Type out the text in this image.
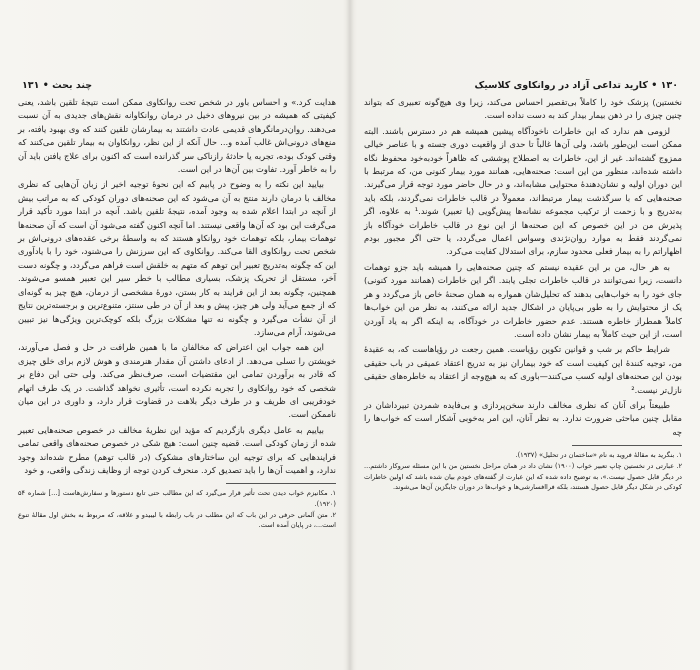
چند بحث • ۱۳۱	۱۳۰ • کارید تداعی آزاد در روانکاوی کلاسیک

هدایت کرد.» و احساس باور در شخص تحت روانکاوی ممکن است نتیجهٔ تلقین باشد، یعنی کیفیتی که همیشه در بین نیروهای دخیل در درمان روانکاوانه نقش‌های جدیدی به آن نسبت می‌دهند. روان‌درمانگرهای قدیمی عادت داشتند به بیمارشان تلقین کنند که وی بهبود یافته، بر منع‌های درونی‌اش غالب آمده و... حال آنکه از این نظر، روانکاوان به بیمار تلقین می‌کنند که وقتی کودک بوده، تجربه یا حادثهٔ رازناکی سر گذرانده است که اکنون برای علاج یافتن باید آن را به خاطر آورد. تفاوت بین آن‌ها در این است.

بیایید این نکته را به وضوح در پابیم که این نحوهٔ توجیه اخیر از زبان آن‌هایی که نظری مخالف با درمان دارند منتج به آن می‌شود که این صحنه‌های دوران کودکی که به مراتب بیش از آنچه در ابتدا اعلام شده به وجود آمده، نتیجهٔ تلقین باشد. آنچه در ابتدا مورد تأکید قرار می‌گرفت این بود که آن‌ها واقعی نیستند. اما آنچه اکنون گفته می‌شود آن است که آن صحنه‌ها توهمات بیمار، بلکه توهمات خود روانکاو هستند که به واسطهٔ برخی عقده‌های درونی‌اش بر شخص تحت روانکاوی القا می‌کند. روانکاوی که این سرزنش را می‌شنود، خود را با یادآوری این که چگونه به‌تدریج تعبیر این توهم که متهم به خلقش است فراهم می‌گردد، و چگونه دست آخر، مستقل از تحریک پزشک، بسیاری مطالب با خطر سیر این تعبیر همسو می‌شوند. همچنین، چگونه بعد از این فرایند به کار بستن، دورهٔ مشخصی از درمان، هیچ چیز به گونه‌ای که از جمع می‌آید ولی هر چیز، پیش و بعد از آن در طی سنتز، متنوع‌ترین و برجسته‌ترین نتایج از آن نشأت می‌گیرد و چگونه نه تنها مشکلات بزرگ بلکه کوچک‌ترین ویژگی‌ها نیز تبیین می‌شوند، آرام می‌سازد.

این همه جواب این اعتراض که مخالفان ما با همین ظرافت در حل و فصل می‌آورند، خویشتن را تسلی می‌دهد. از ادعای داشتن آن مقدار هنرمندی و هوش لازم برای خلق چیزی که قادر به برآوردن تمامی این مقتضیات است، صرف‌نظر می‌کند. ولی حتی این دفاع بر شخصی که خود روانکاوی را تجربه نکرده است، تأثیری نخواهد گذاشت. در یک طرف اتهام خودفریبی ای ظریف و در طرف دیگر بلاهت در قضاوت قرار دارد، و داوری در این میان ناممکن است.

بیاییم به عامل دیگری بازگردیم که مؤید این نظریهٔ مخالف در خصوص صحنه‌هایی تعبیر شده از زمان کودکی است. قضیه چنین است: هیچ شکی در خصوص صحنه‌های واقعی تمامی فرایندهایی که برای توجیه این ساختارهای مشکوک (در قالب توهم) مطرح شده‌اند وجود ندارد، و اهمیت آن‌ها را باید تصدیق کرد. منحرف کردن توجه از وظایف زندگی واقعی، و خود

۱. مکانیزم خواب دیدن تحت تأثیر قرار می‌گیرد که این مطالب حتی تابع دستورها و سفارش‌هاست [...] شماره ۵۴ (۱۹۲۰).

۲. متن آلمانی حرفی در این باب که این مطلب در باب رابطه با لیبیدو و علاقه، که مربوط به بخش اول مقالهٔ تنوع است...، در پایان آمده است.

نخستین) پزشک خود را کاملاً بی‌تقصیر احساس می‌کند، زیرا وی هیچ‌گونه تعبیری که بتواند چنین چیزی را در ذهن بیمار بیدار کند به دست نداده است.

لزومی هم ندارد که این خاطرات ناخودآگاه پیشین همیشه هم در دسترس باشند. البته ممکن است این‌طور باشد، ولی آن‌ها غالباً تا حدی از واقعیت دوری جسته و با عناصر خیالی ممزوج گشته‌اند. غیر از این، خاطرات به اصطلاح پوششی که ظاهراً خودبه‌خود محفوظ نگاه داشته شده‌اند، منظور من این است: صحنه‌هایی، همانند مورد بیمار کنونی من، که مرتبط با این دوران اولیه و نشان‌دهندهٔ محتوایی مشابه‌اند، و در حال حاضر مورد توجه قرار می‌گیرند. صحنه‌هایی که با سرگذشت بیمار مرتبط‌اند، معمولاً در قالب خاطرات نمی‌گردند، بلکه باید به‌تدریج و با زحمت از ترکیب مجموعه نشانه‌ها پیش‌گویی (یا تعبیر) شوند.¹ به علاوه، اگر پذیرش من در این خصوص که این صحنه‌ها از این نوع در قالب خاطرات خودآگاه باز نمی‌گردند فقط به موارد روان‌نژندی وسواس اعمال می‌گردد، یا حتی اگر مجبور بودم اظهاراتم را به بیمار فعلی محدود سازم، برای استدلال کفایت می‌کرد.

به هر حال، من بر این عقیده نیستم که چنین صحنه‌هایی را همیشه باید جزو توهمات دانست، زیرا نمی‌توانند در قالب خاطرات تجلی یابند. اگر این خاطرات (همانند مورد کنونی) جای خود را به خواب‌هایی بدهند که تحلیل‌شان همواره به همان صحنهٔ خاص باز می‌گردد و هر یک از محتوایش را به طور بی‌پایان در اشکال جدید ارائه می‌کنند، به نظر من این خواب‌ها کاملاً همطراز خاطره هستند. عدم حضور خاطرات در خودآگاه، به اینکه اگر به یاد آوردن است، از این حیث کاملاً به بیمار نشان داده است.

شرایط حاکم بر شب و قوانین تکوین رؤیاست. همین رجعت در رؤیاهاست که، به عقیدهٔ من، توجیه کنندهٔ این کیفیت است که خود بیماران نیز به تدریج اعتقاد عمیقی در باب حقیقی بودن این صحنه‌های اولیه کسب می‌کنند—باوری که به هیچ‌وجه از اعتقاد به خاطره‌های حقیقی نازل‌تر نیست.²

طبیعتاً برای آنان که نظری مخالف دارند سخن‌پردازی و بی‌فایده شمردن تبیرداشان در مقابل چنین مباحثی ضرورت ندارد. به نظر آنان، این امر به‌خوبی آشکار است که خواب‌ها را چه

۱. بنگرید به مقالهٔ فروید به نام «ساختمان در تحلیل» (۱۹۳۷).

۲. عبارتی در نخستین چاپ تعبیر خواب (۱۹۰۰) نشان داد در همان مراحل نخستین من با این مسئله سروکار داشتم... در دیگر قابل حصول نیست.»، به توضیح داده شده که این عبارت از گفته‌های خودم بیان شده باشد که اولین خاطرات کودکی در شکل دیگر قابل حصول هستند، بلکه فراافسارشی‌ها و خواب‌ها در دوران جایگزین آن‌ها می‌شوند.
